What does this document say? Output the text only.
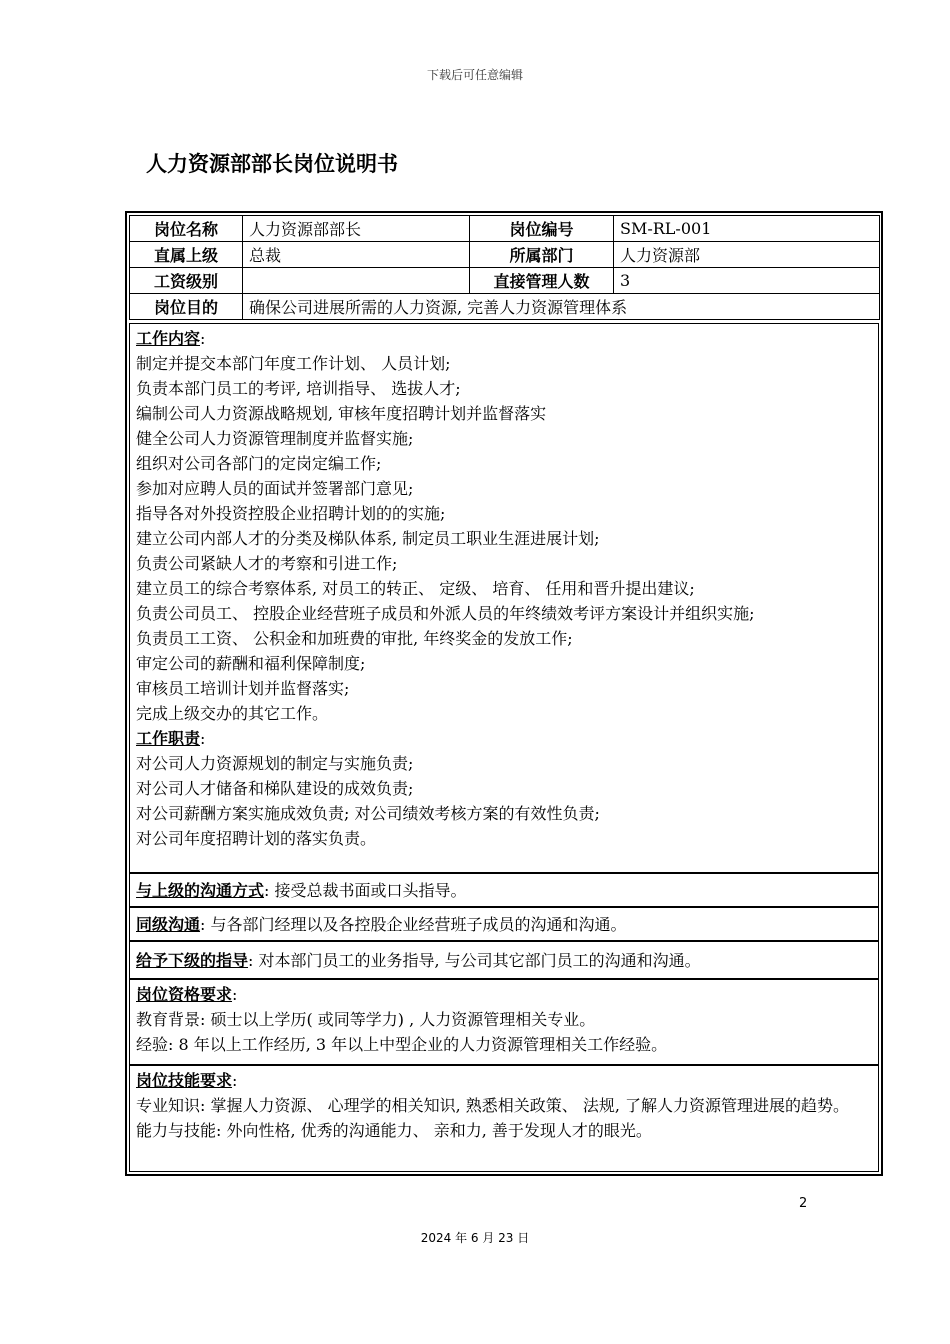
下载后可任意编辑
人力资源部部长岗位说明书
岗位名称	人力资源部部长	岗位编号	SM-RL-001
直属上级	总裁	所属部门	人力资源部
工资级别		直接管理人数	3
岗位目的	确保公司进展所需的人力资源, 完善人力资源管理体系		
工作内容:
制定并提交本部门年度工作计划、 人员计划;
负责本部门员工的考评, 培训指导、 选拔人才;
编制公司人力资源战略规划, 审核年度招聘计划并监督落实
健全公司人力资源管理制度并监督实施;
组织对公司各部门的定岗定编工作;
参加对应聘人员的面试并签署部门意见;
指导各对外投资控股企业招聘计划的的实施;
建立公司内部人才的分类及梯队体系, 制定员工职业生涯进展计划;
负责公司紧缺人才的考察和引进工作;
建立员工的综合考察体系, 对员工的转正、 定级、 培育、 任用和晋升提出建议;
负责公司员工、 控股企业经营班子成员和外派人员的年终绩效考评方案设计并组织实施;
负责员工工资、 公积金和加班费的审批, 年终奖金的发放工作;
审定公司的薪酬和福利保障制度;
审核员工培训计划并监督落实;
完成上级交办的其它工作。
工作职责:
对公司人力资源规划的制定与实施负责;
对公司人才储备和梯队建设的成效负责;
对公司薪酬方案实施成效负责; 对公司绩效考核方案的有效性负责;
对公司年度招聘计划的落实负责。
与上级的沟通方式: 接受总裁书面或口头指导。
同级沟通: 与各部门经理以及各控股企业经营班子成员的沟通和沟通。
给予下级的指导: 对本部门员工的业务指导, 与公司其它部门员工的沟通和沟通。
岗位资格要求:
教育背景: 硕士以上学历( 或同等学力) , 人力资源管理相关专业。
经验: 8 年以上工作经历, 3 年以上中型企业的人力资源管理相关工作经验。
岗位技能要求:
专业知识: 掌握人力资源、 心理学的相关知识, 熟悉相关政策、 法规, 了解人力资源管理进展的趋势。
能力与技能: 外向性格, 优秀的沟通能力、 亲和力, 善于发现人才的眼光。
2
2024 年 6 月 23 日
